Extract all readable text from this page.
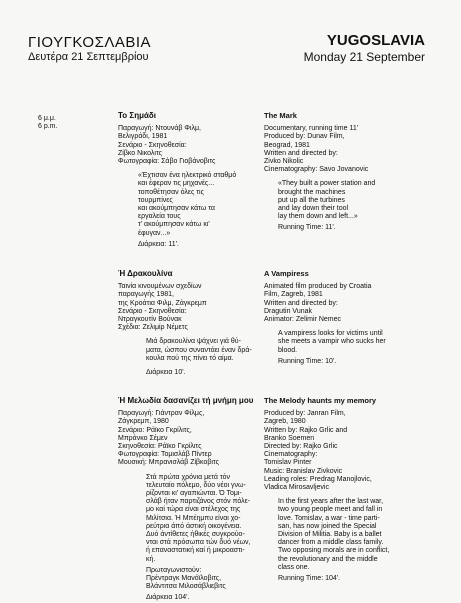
​
ΓΙΟΥΓΚΟΣΛΑΒΙΑ
Δευτέρα 21 Σεπτεμβρίου
YUGOSLAVIA
Monday 21 September
6 μ.μ.
6 p.m.
Το Σημάδι
Παραγωγή: Ντουνάβ Φιλμ,
Βελιγράδι, 1981
Σενάριο - Σκηνοθεσία:
Ζίβκο Νικολιτς
Φωτογραφία: Σάβο Γιοβάνοβιτς
«Έχτισαν ένα ηλεκτρικό σταθμό
και έφεραν τις μηχανές...
τοποθέτησαν όλες τις
τουρμπίνες
και ακούμπησαν κάτω τα
εργαλεία τους
τ' ακούμπησαν κάτω κι'
έφυγαν...»
Διάρκεια: 11'.
The Mark
Documentary, running time 11'
Produced by: Dunav Film,
Beograd, 1981
Written and directed by:
Zivko Nikolic
Cinematography: Savo Jovanovic
«They built a power station and
brought the machines
put up all the turbines
and lay down their tool
lay them down and left...»
Running Time: 11'.
Ή Δρακουλίνα
Ταινία κινουμένων σχεδίων
παραγωγής 1981,
της Κροάτια Φιλμ, Ζάγκρεμπ
Σενάριο - Σκηνοθεσία:
Ντραγκουτίν Βούνακ
Σχέδια: Ζελιμίρ Νέμετς
Μιά δρακουλίνα ψάχνει γιά θύ-
ματα, ώσπου συναντάει έναν δρά-
κουλα πού της πίνει τό αίμα.
Διάρκεια 10'.
A Vampiress
Animated film produced by Croatia
Film, Zagreb, 1981
Written and directed by:
Dragutin Vunak
Animator: Zelimir Nemec
A vampiress looks for victims until
she meets a vampir who sucks her
blood.
Running Time: 10'.
Ή Μελωδία δασανίζει τή μνήμη μου
Παραγωγή: Γιάντραν Φίλμς,
Ζάγκρεμπ, 1980
Σενάριο: Ράϊκο Γκρίλιτς,
Μπράνκο Σέμεν
Σκηνοθεσία: Ράϊκο Γκρίλιτς
Φωτογραφία: Τομισλάβ Πίντερ
Μουσική: Μπρανισλάβ Ζίβκοβιτς
Στά πρώτα χρόνια μετά τόν
τελευταίο πόλεμο, δύο νέοι γνω-
ρίζονται κι' αγαπιώνται. Ό Τομι-
σλάβ ήταν παρτιζάνος στόν πόλε-
μο καί τώρα είναι στέλεχος της
Μιλίτσια. Ή Μπέημπυ είναι χο-
ρεύτρια άπό άστική οικογένεια.
Δυό άντίθετες ήθικές συγκρούο-
νται στά πρόσωπα τών δυό νέων,
ή επαναστατική καί ή μικροαστι-
κή.
Πρωταγωνιστούν:
Πρέντραγκ Μανόϊλοβιτς,
Βλάντιτσα Μιλοσάβλιεβιτς
Διάρκεια 104'.
The Melody haunts my memory
Produced by: Janran Film,
Zagreb, 1980
Written by: Rajko Grlic and
Branko Soemen
Directed by: Rajko Grlic
Cinematography:
Tomislav Pinter
Music: Branislav Zivkovic
Leading roles: Predrag Manojlovic,
Vladica Mirosavljevic
In the first years after the last war,
two young people meet and fall in
love. Tomislav, a war - time parti-
san, has now joined the Special
Division of Militia. Baby is a ballet
dancer from a middle class family.
Two opposing morals are in conflict,
the revolutionary and the middle
class one.
Running Time: 104'.
